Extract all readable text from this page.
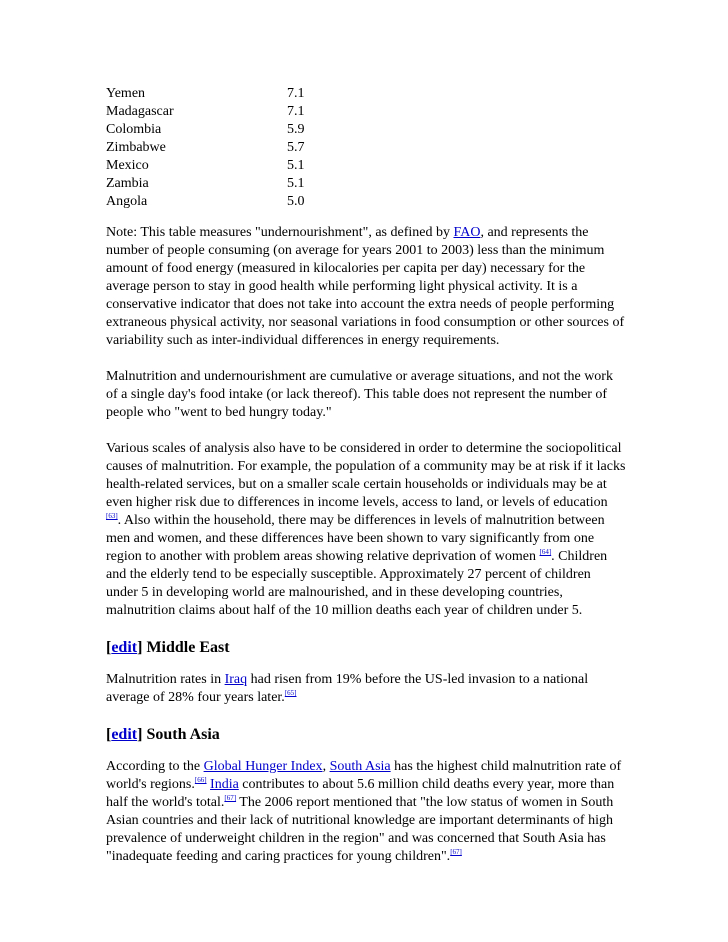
Yemen	7.1
Madagascar	7.1
Colombia	5.9
Zimbabwe	5.7
Mexico	5.1
Zambia	5.1
Angola	5.0

Note: This table measures "undernourishment", as defined by FAO, and represents the number of people consuming (on average for years 2001 to 2003) less than the minimum amount of food energy (measured in kilocalories per capita per day) necessary for the average person to stay in good health while performing light physical activity. It is a conservative indicator that does not take into account the extra needs of people performing extraneous physical activity, nor seasonal variations in food consumption or other sources of variability such as inter-individual differences in energy requirements.

Malnutrition and undernourishment are cumulative or average situations, and not the work of a single day's food intake (or lack thereof). This table does not represent the number of people who "went to bed hungry today."

Various scales of analysis also have to be considered in order to determine the sociopolitical causes of malnutrition. For example, the population of a community may be at risk if it lacks health-related services, but on a smaller scale certain households or individuals may be at even higher risk due to differences in income levels, access to land, or levels of education [63]. Also within the household, there may be differences in levels of malnutrition between men and women, and these differences have been shown to vary significantly from one region to another with problem areas showing relative deprivation of women [64]. Children and the elderly tend to be especially susceptible. Approximately 27 percent of children under 5 in developing world are malnourished, and in these developing countries, malnutrition claims about half of the 10 million deaths each year of children under 5.

[edit] Middle East

Malnutrition rates in Iraq had risen from 19% before the US-led invasion to a national average of 28% four years later.[65]

[edit] South Asia

According to the Global Hunger Index, South Asia has the highest child malnutrition rate of world's regions.[66] India contributes to about 5.6 million child deaths every year, more than half the world's total.[67] The 2006 report mentioned that "the low status of women in South Asian countries and their lack of nutritional knowledge are important determinants of high prevalence of underweight children in the region" and was concerned that South Asia has "inadequate feeding and caring practices for young children".[67]
